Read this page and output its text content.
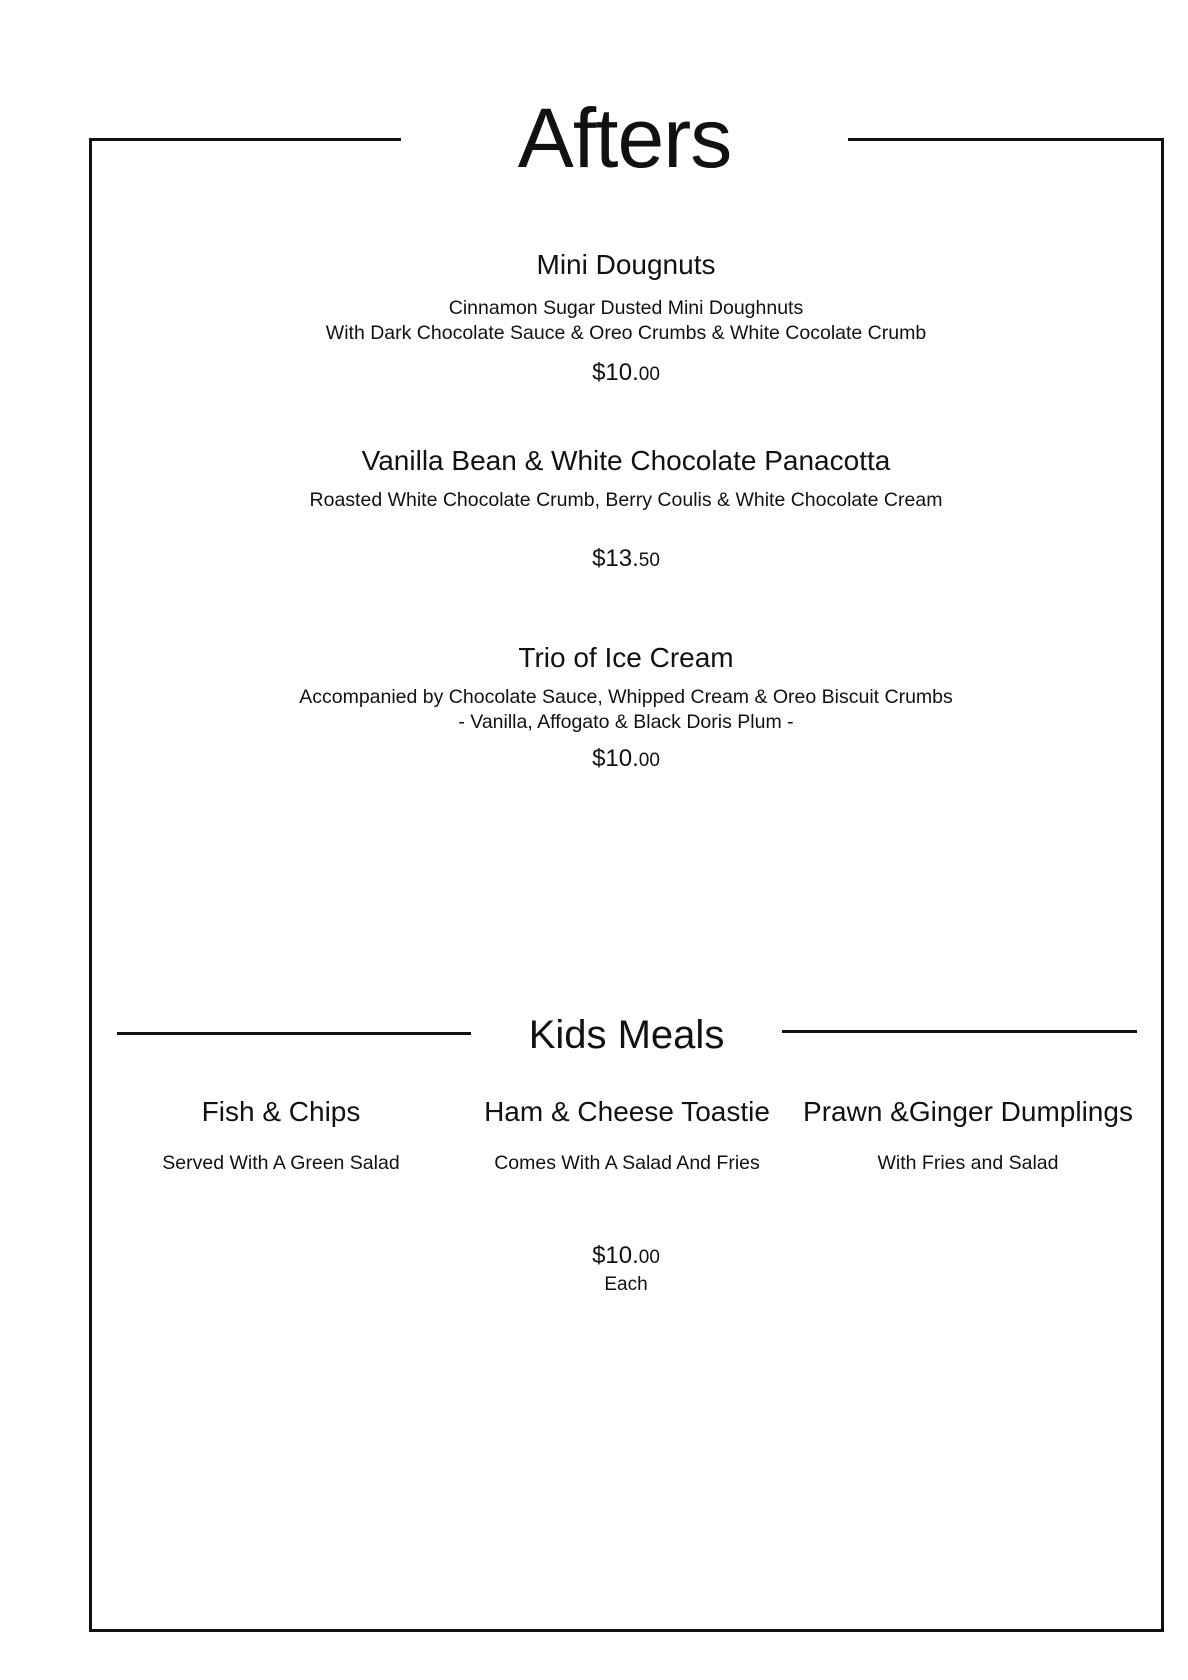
Afters
Mini Dougnuts
Cinnamon Sugar Dusted Mini Doughnuts
With Dark Chocolate Sauce & Oreo Crumbs & White Cocolate Crumb
$10.00
Vanilla Bean & White Chocolate Panacotta
Roasted White Chocolate Crumb, Berry Coulis & White Chocolate Cream
$13.50
Trio of Ice Cream
Accompanied by Chocolate Sauce, Whipped Cream & Oreo Biscuit Crumbs
- Vanilla, Affogato & Black Doris Plum -
$10.00
Kids Meals
Fish & Chips
Served With A Green Salad
Ham & Cheese Toastie
Comes With A Salad And Fries
Prawn &Ginger Dumplings
With Fries and Salad
$10.00
Each
